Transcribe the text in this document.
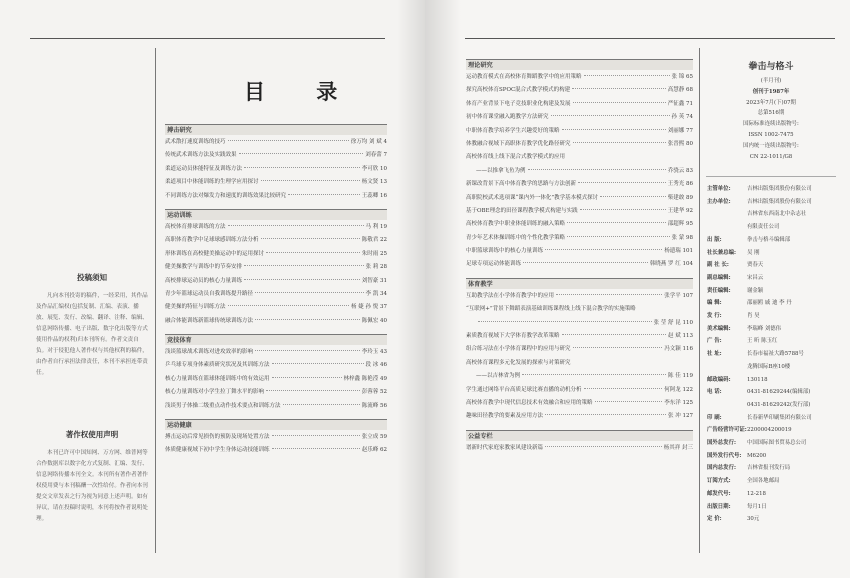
投稿须知

凡向本刊投寄的稿件，一经采用，其作品及作品汇编权(包括复制、汇编、表演、播放、展览、发行、改编、翻译、注释、编辑、信息网络传播、电子出版、数字化出版等方式使用作品的权利)归本刊所有。作者文责自负。对于侵犯他人著作权与其他权利的稿件，由作者自行承担法律责任，本刊不承担连带责任。

著作权使用声明

本刊已许可中国知网、万方网、维普网等合作数据库以数字化方式复制、汇编、发行、信息网络传播本刊全文。本刊所有著作者著作权使用费与本刊稿酬一次性给付。作者向本刊提交文章发表之行为视为同意上述声明。如有异议，请在投稿时说明，本刊将按作者说明处理。

目 录
搏击研究
武术散打速度训练的技巧	徐万均 刘 斌 4
传统武术训练方法及实践效果	刘春蕾 7
柔道运动员体能特征及训练方法	李可欣 10
柔道项目中体能训练的生理学应用探讨	杨文贤 13
不同训练方法对爆发力和速度的训练效果比较研究	王蕊卿 16
运动训练
高校体育排球训练的方法	马 利 19
高职体育教学中足球球感训练方法分析	陈敬君 22
形体训练在高校健美操运动中的运用探讨	朱时雨 25
健美操教学与训练中的节奏安排	张 莉 28
高校排球运动员的核心力量训练	刘智豪 31
青少年篮球运动员自我训练提升路径	李 凯 34
健美操的特征与训练方法	杨 婕 孙 悦 37
融合体能训练新篮球传统球训练方法	陈佩宏 40
竞技体育
浅谈篮球战术训练对进攻效率的影响	李玲玉 43
乒乓球专项身体素质研究状况及其训练方法	段 冰 46
核心力量训练在篮球体能训练中的有效运用	林梓鑫 陈艳滢 49
核心力量训练对小学生拉丁舞水平的影响	彭蓉蓉 52
浅谈男子体操二级重点动作技术要点和训练方法	陈流峰 56
运动健康
搏击运动后常见损伤的预防及现场处置方法	张立成 59
体质健康视域下初中学生身体运动技能训练	赵乐峰 62
理论研究
运动教育模式在高校体育舞蹈教学中的应用策略	张 锦 65
探究高校体育SPOC混合式教学模式的构建	高慧静 68
体育产业背景下电子竞技职业化构建及发展	严征鑫 71
初中体育课堂融入跑教学方法研究	孙 英 74
中职体育教学培养学生兴趣爱好的策略	刘丽娜 77
体教融合视域下高职体育教学优化路径研究	张晋熙 80
高校体育线上线下混合式教学模式的应用
——以推拿飞鱼为例	乔骁云 83
新课改背景下高中体育教学的思路与方法创新	王秀光 86
高职院校武术选项课“课内外一体化”教学基本模式探讨	柴建敢 89
基于OBE理念的田径课程教学模式构建与实践	王建华 92
高校体育教学中职业体能训练的融入策略	邵超辉 95
青少年艺术体操训练中的个性化教学策略	张 蒙 98
中职篮球训练中的核心力量训练	杨遗瑞 101
足球专项运动体能训练	韩晓燕 罗 红 104
体育教学
互助教学法在小学体育教学中的应用	张学平 107
“互联网+”背景下舞蹈表演基础训练课程线上线下混合教学的实施策略
张 莹 舒 昆 110
素质教育视域下大学体育教学改革策略	赵 斌 113
组合练习法在小学体育课程中的应用与研究	冯文颖 116
高校体育课程多元化发展的探索与对策研究
——以吉林省为例	陈 佳 119
学生通过网络平台高质足球比赛直播的动机分析	何阿龙 122
高校体育教学中现代信息技术有效融合和应用的策略	李东洋 125
趣味田径教学的要素及应用方法	张 冲 127
公益专栏
谱新时代家庭家教家风建设新篇	杨其祥 封三
拳击与格斗
(半月刊)
创刊于1987年
2023年7月(下)07期
总第516期
国际标准连续出版物号:
ISSN 1002-7475
国内统一连续出版物号:
CN 22-1011/G8
主管单位:	吉林出版集团股份有限公司
主办单位:	吉林出版集团股份有限公司
吉林省东西南北中杂志社
有限责任公司
出 版:	拳击与格斗编辑部
社长兼总编:	吴 刚
副 社 长:	贾春天
副总编辑:	宋昌云
责任编辑:	谢金颖
编 辑:	邵丽鸥 戚 迪 李 丹
发 行:	肖 昊
美术编辑:	李瑞峰 刘德伟
广 告:	王 昕 陈玉红
社 址:	长春市福祉大路5788号
龙腾国际B座10楼
邮政编码:	130118
电 话:	0431-81629244(编辑部)
0431-81629242(发行部)
印 刷:	长春新华印刷集团有限公司
广告经营许可证: 2200004200019
国外总发行:	中国国际图书贸易总公司
国外发行代号:	M6200
国内总发行:	吉林省报刊发行局
订阅方式:	全国各地邮局
邮发代号:	12-218
出版日期:	每月1日
定 价:	30元
